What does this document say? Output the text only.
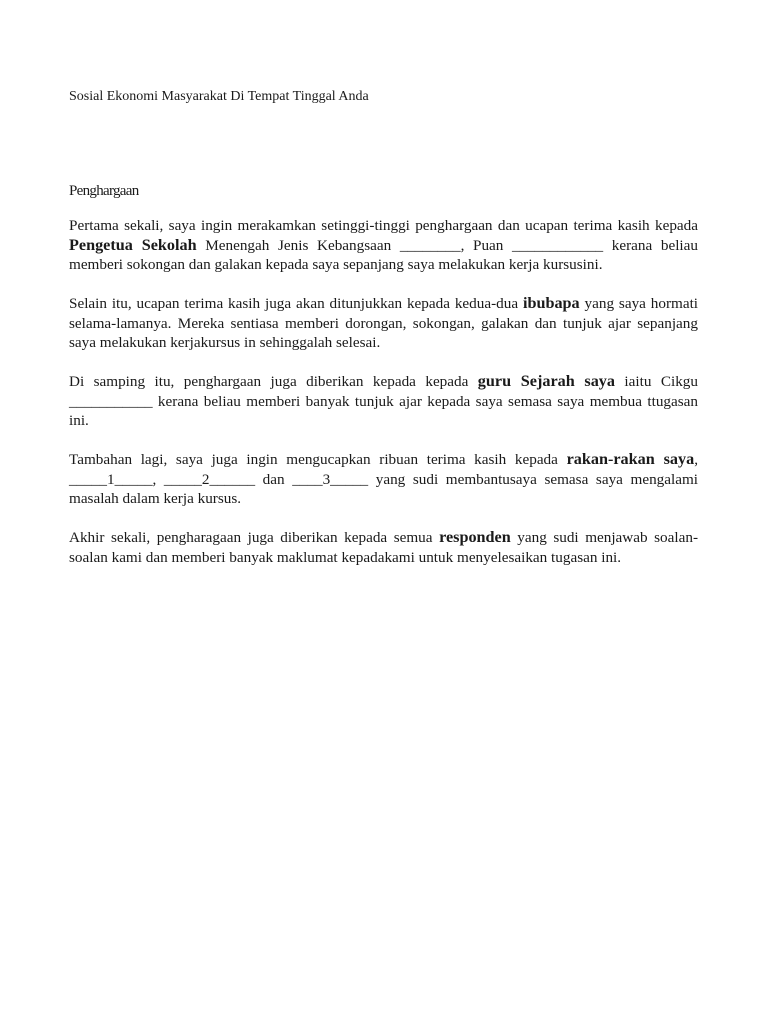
Sosial Ekonomi Masyarakat Di Tempat Tinggal Anda
Penghargaan

Pertama sekali, saya ingin merakamkan setinggi-tinggi penghargaan dan ucapan terima kasih kepada Pengetua Sekolah Menengah Jenis Kebangsaan ________, Puan ____________ kerana beliau memberi sokongan dan galakan kepada saya sepanjang saya melakukan kerja kursusini.

Selain itu, ucapan terima kasih juga akan ditunjukkan kepada kedua-dua ibubapa yang saya hormati selama-lamanya. Mereka sentiasa memberi dorongan, sokongan, galakan dan tunjuk ajar sepanjang saya melakukan kerjakursus in sehinggalah selesai.

Di samping itu, penghargaan juga diberikan kepada kepada guru Sejarah saya iaitu Cikgu ___________ kerana beliau memberi banyak tunjuk ajar kepada saya semasa saya membua ttugasan ini.

Tambahan lagi, saya juga ingin mengucapkan ribuan terima kasih kepada rakan-rakan saya, _____1_____, _____2______ dan ____3_____ yang sudi membantusaya semasa saya mengalami masalah dalam kerja kursus.

Akhir sekali, pengharagaan juga diberikan kepada semua responden yang sudi menjawab soalan-soalan kami dan memberi banyak maklumat kepadakami untuk menyelesaikan tugasan ini.
